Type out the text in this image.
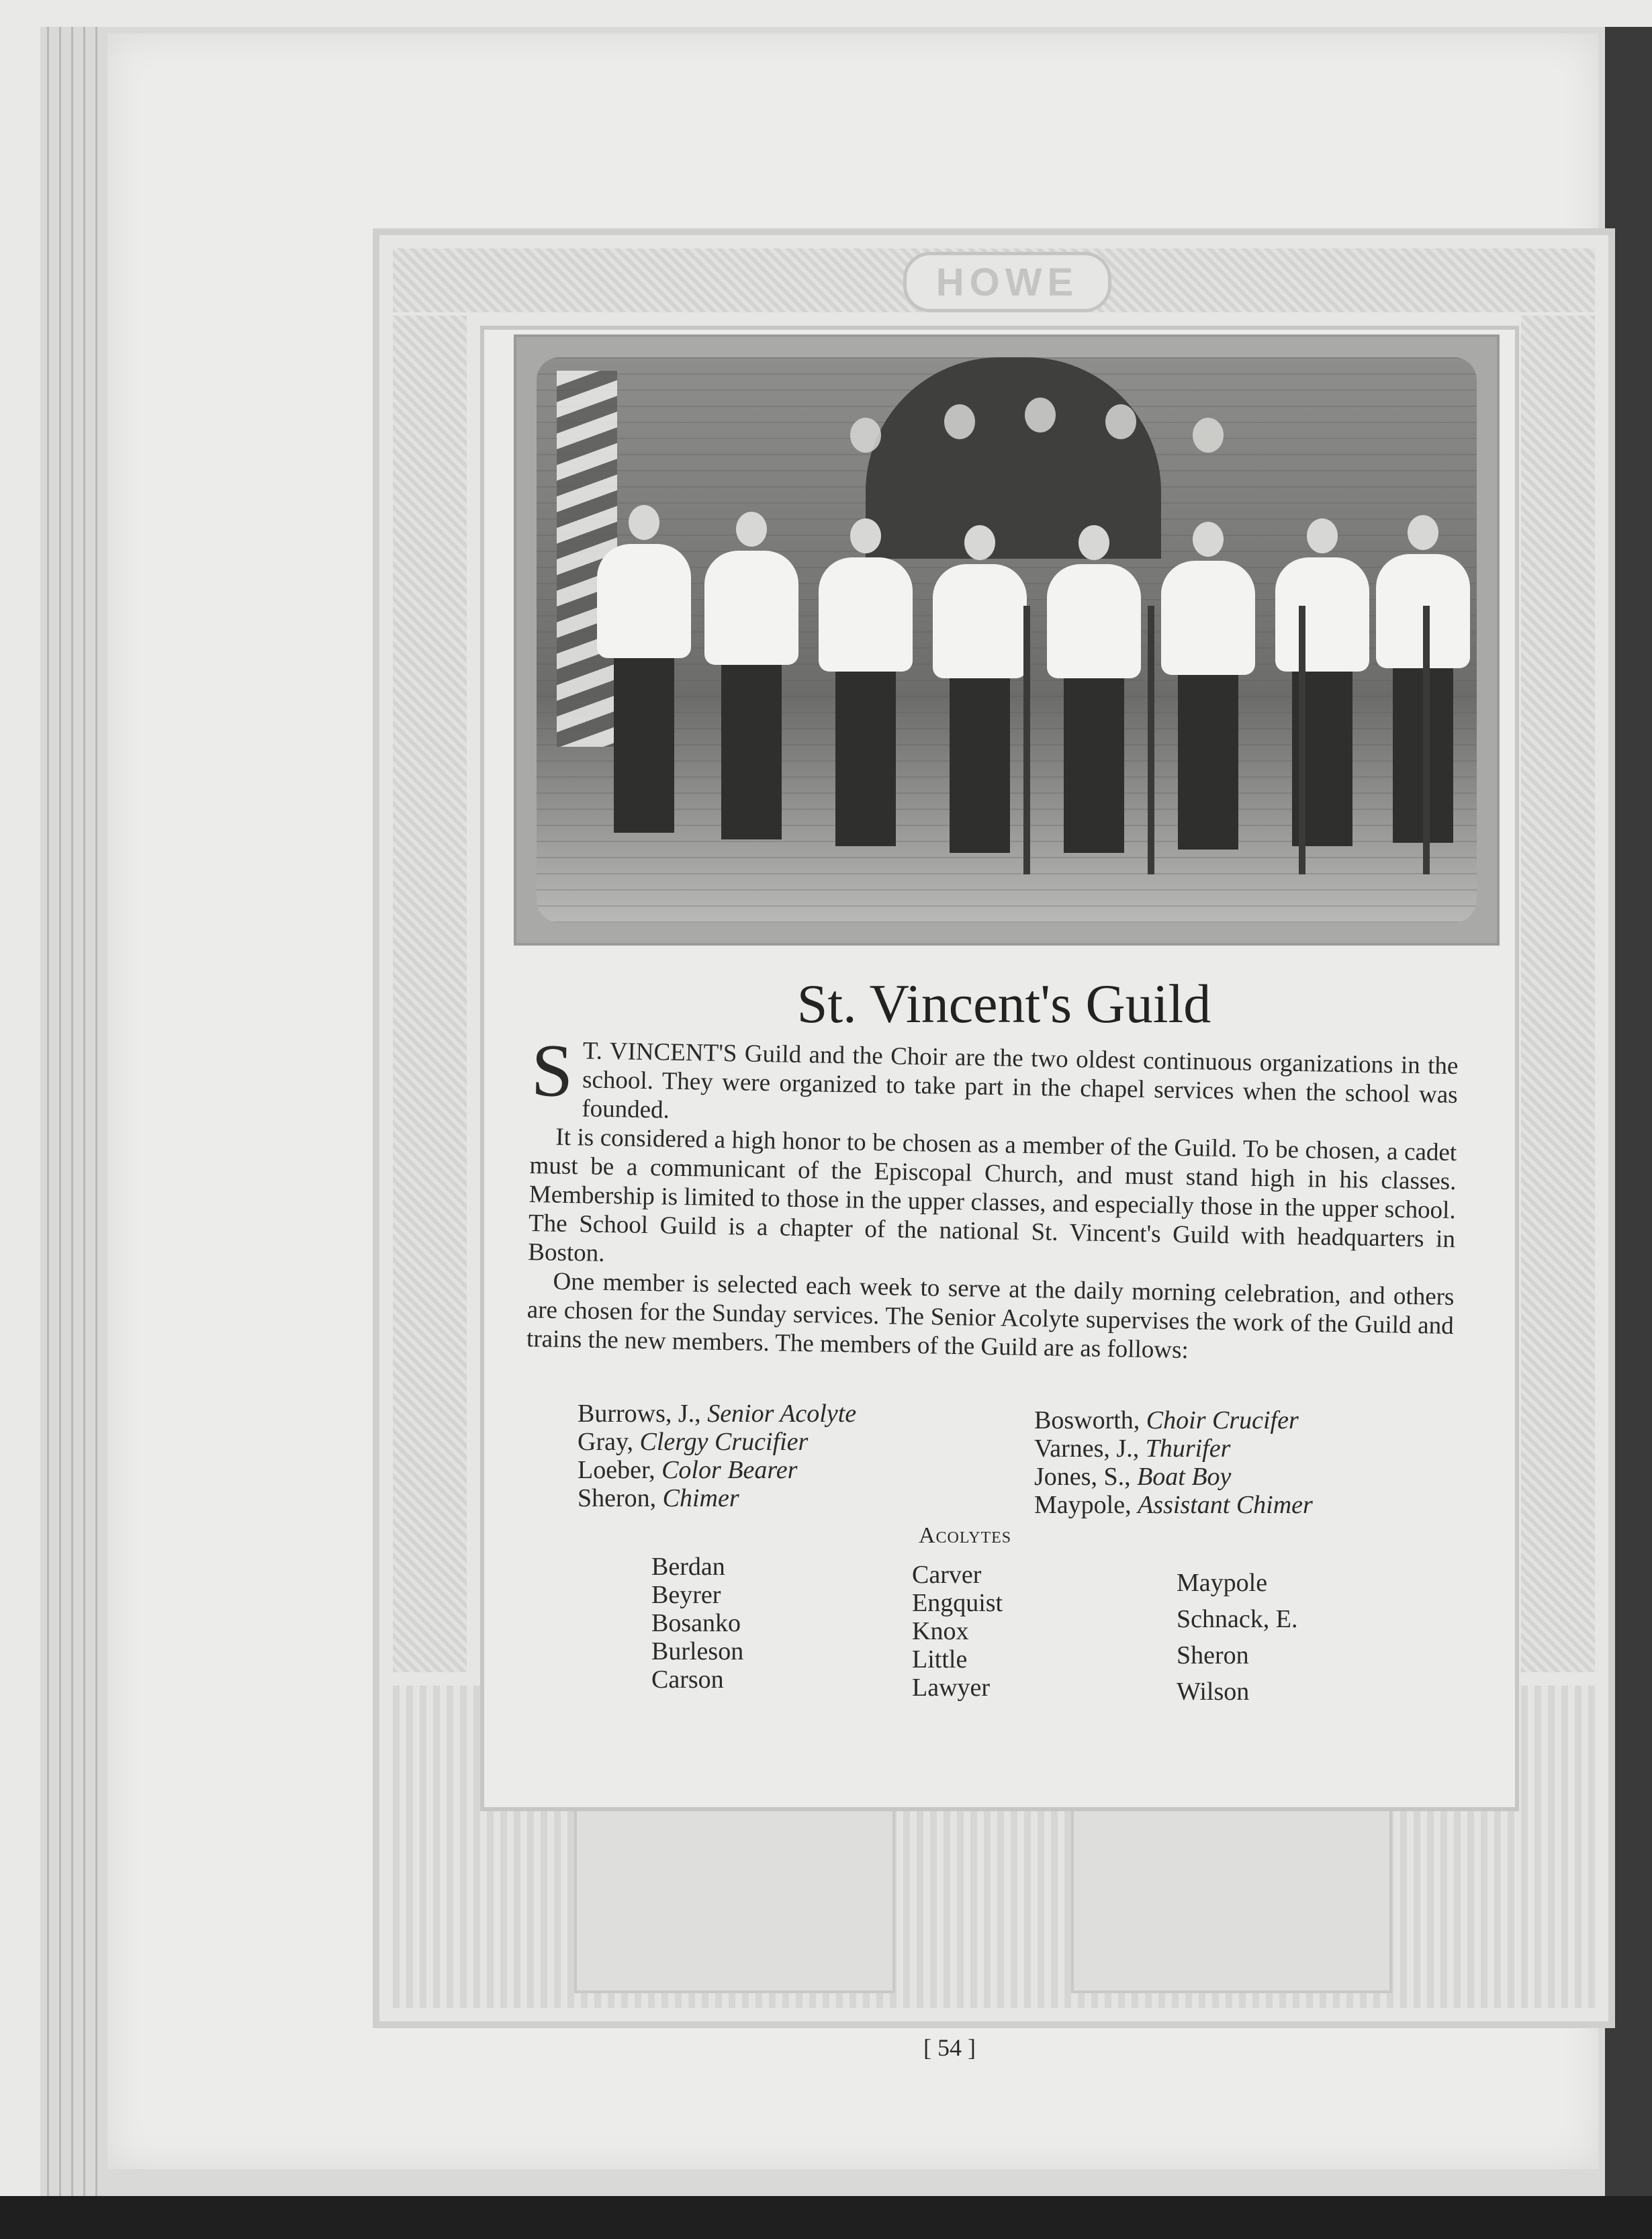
HOWE
St. Vincent's Guild

S T. VINCENT'S Guild and the Choir are the two oldest continuous organizations in the school. They were organized to take part in the chapel services when the school was founded.

It is considered a high honor to be chosen as a member of the Guild. To be chosen, a cadet must be a communicant of the Episcopal Church, and must stand high in his classes. Membership is limited to those in the upper classes, and especially those in the upper school. The School Guild is a chapter of the national St. Vincent's Guild with headquarters in Boston.

One member is selected each week to serve at the daily morning celebration, and others are chosen for the Sunday services. The Senior Acolyte supervises the work of the Guild and trains the new members. The members of the Guild are as follows:

Burrows, J., Senior Acolyte
Gray, Clergy Crucifier
Loeber, Color Bearer
Sheron, Chimer
Bosworth, Choir Crucifer
Varnes, J., Thurifer
Jones, S., Boat Boy
Maypole, Assistant Chimer
Acolytes
Berdan
Beyrer
Bosanko
Burleson
Carson
Carver
Engquist
Knox
Little
Lawyer
Maypole
Schnack, E.
Sheron
Wilson
[ 54 ]
